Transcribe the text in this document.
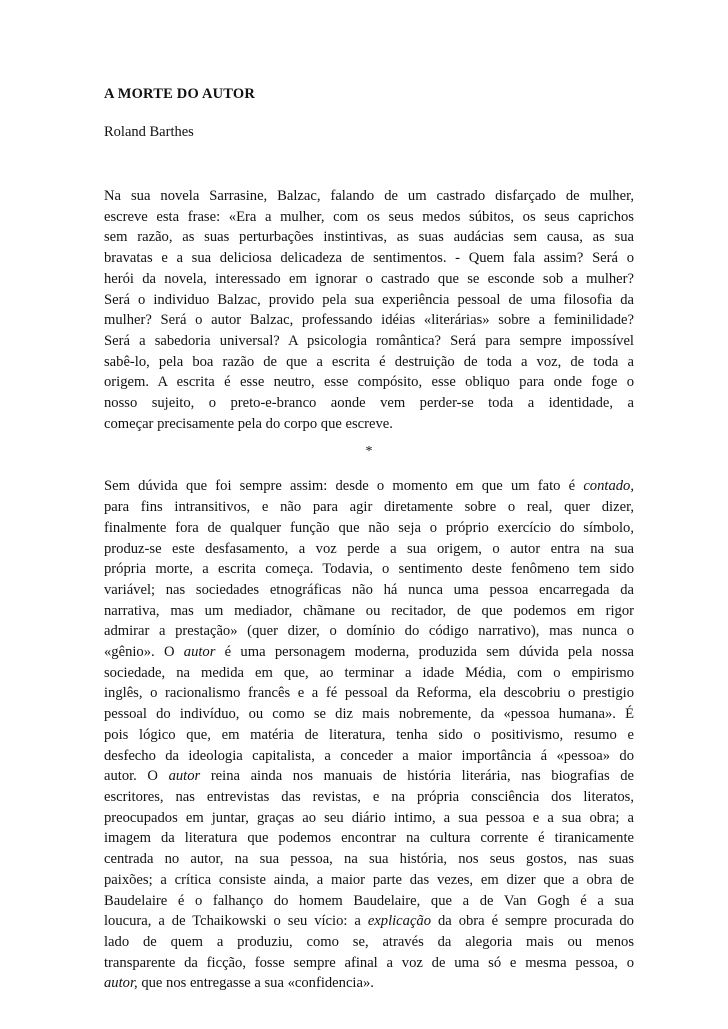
A MORTE DO AUTOR

Roland Barthes

Na sua novela Sarrasine, Balzac, falando de um castrado disfarçado de mulher,
escreve esta frase: «Era a mulher, com os seus medos súbitos, os seus caprichos
sem razão, as suas perturbações instintivas, as suas audácias sem causa, as sua
bravatas e a sua deliciosa delicadeza de sentimentos. - Quem fala assim? Será o
herói da novela, interessado em ignorar o castrado que se esconde sob a mulher?
Será o individuo Balzac, provido pela sua experiência pessoal de uma filosofia da
mulher? Será o autor Balzac, professando idéias «literárias» sobre a feminilidade?
Será a sabedoria universal? A psicologia romântica? Será para sempre impossível
sabê-lo, pela boa razão de que a escrita é destruição de toda a voz, de toda a
origem. A escrita é esse neutro, esse compósito, esse obliquo para onde foge o
nosso sujeito, o preto-e-branco aonde vem perder-se toda a identidade, a
começar precisamente pela do corpo que escreve.
*
Sem dúvida que foi sempre assim: desde o momento em que um fato é contado,
para fins intransitivos, e não para agir diretamente sobre o real, quer dizer,
finalmente fora de qualquer função que não seja o próprio exercício do símbolo,
produz-se este desfasamento, a voz perde a sua origem, o autor entra na sua
própria morte, a escrita começa. Todavia, o sentimento deste fenômeno tem sido
variável; nas sociedades etnográficas não há nunca uma pessoa encarregada da
narrativa, mas um mediador, chãmane ou recitador, de que podemos em rigor
admirar a prestação» (quer dizer, o domínio do código narrativo), mas nunca o
«gênio». O autor é uma personagem moderna, produzida sem dúvida pela nossa
sociedade, na medida em que, ao terminar a idade Média, com o empirismo
inglês, o racionalismo francês e a fé pessoal da Reforma, ela descobriu o prestigio
pessoal do indivíduo, ou como se diz mais nobremente, da «pessoa humana». É
pois lógico que, em matéria de literatura, tenha sido o positivismo, resumo e
desfecho da ideologia capitalista, a conceder a maior importância á «pessoa» do
autor. O autor reina ainda nos manuais de história literária, nas biografias de
escritores, nas entrevistas das revistas, e na própria consciência dos literatos,
preocupados em juntar, graças ao seu diário intimo, a sua pessoa e a sua obra; a
imagem da literatura que podemos encontrar na cultura corrente é tiranicamente
centrada no autor, na sua pessoa, na sua história, nos seus gostos, nas suas
paixões; a crítica consiste ainda, a maior parte das vezes, em dizer que a obra de
Baudelaire é o falhanço do homem Baudelaire, que a de Van Gogh é a sua
loucura, a de Tchaikowski o seu vício: a explicação da obra é sempre procurada do
lado de quem a produziu, como se, através da alegoria mais ou menos
transparente da ficção, fosse sempre afinal a voz de uma só e mesma pessoa, o
autor, que nos entregasse a sua «confidencia».
